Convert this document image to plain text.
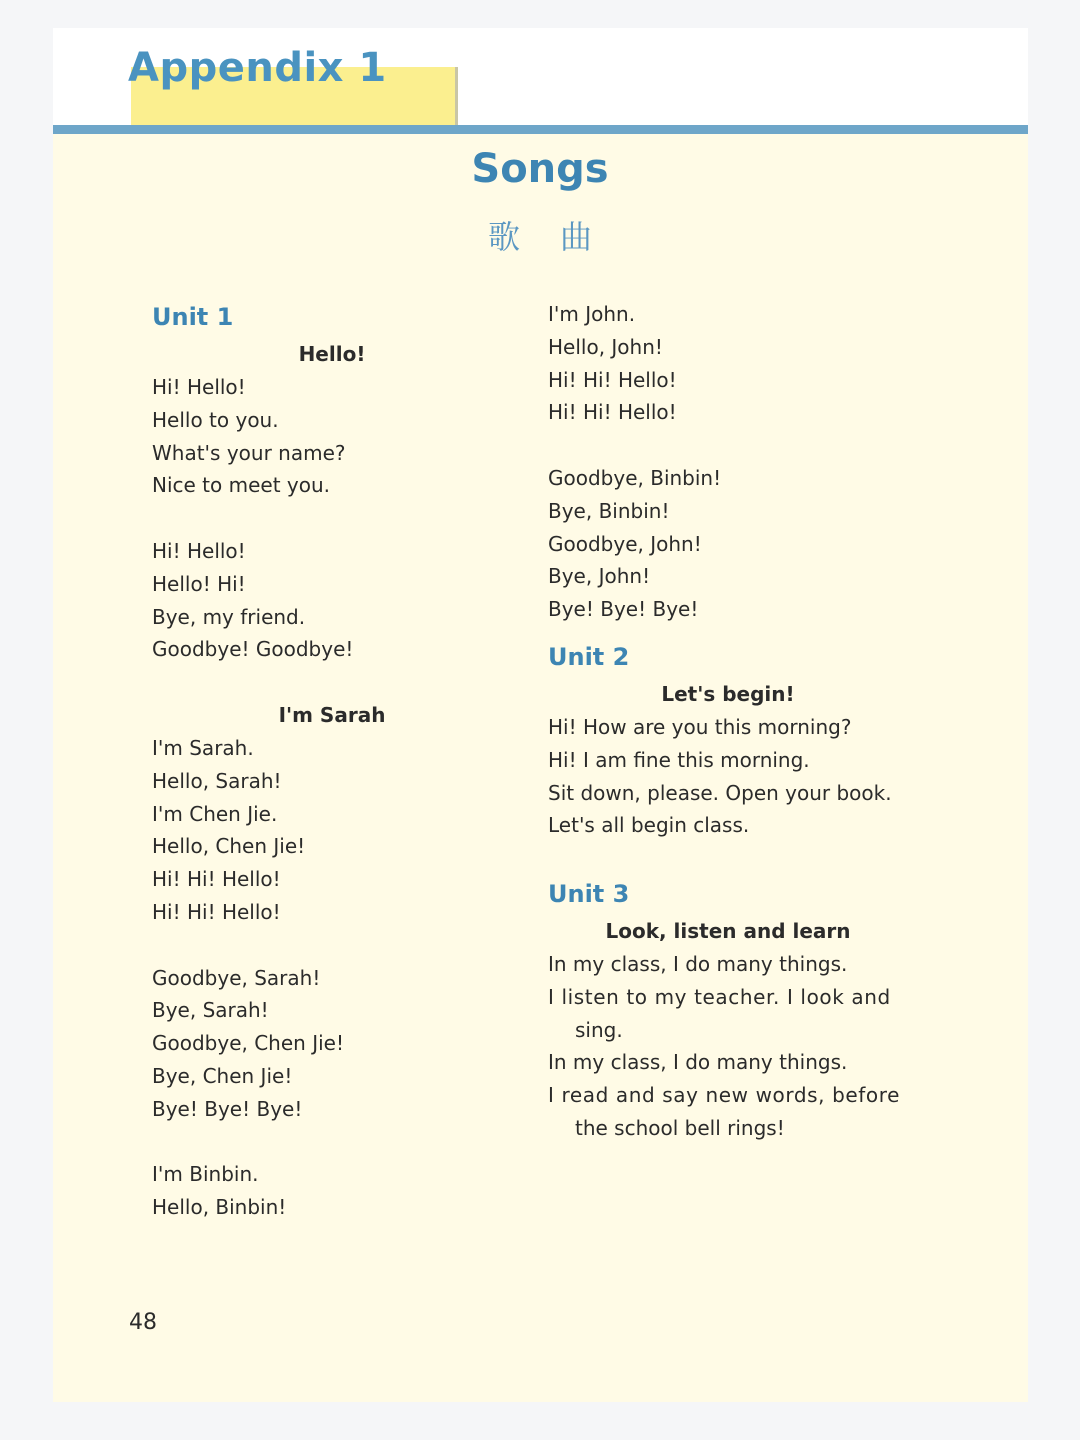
Appendix 1
Songs
歌曲
Unit 1
Hello!
Hi! Hello!
Hello to you.
What's your name?
Nice to meet you.
Hi! Hello!
Hello! Hi!
Bye, my friend.
Goodbye! Goodbye!
I'm Sarah
I'm Sarah.
Hello, Sarah!
I'm Chen Jie.
Hello, Chen Jie!
Hi! Hi! Hello!
Hi! Hi! Hello!
Goodbye, Sarah!
Bye, Sarah!
Goodbye, Chen Jie!
Bye, Chen Jie!
Bye! Bye! Bye!
I'm Binbin.
Hello, Binbin!
I'm John.
Hello, John!
Hi! Hi! Hello!
Hi! Hi! Hello!
Goodbye, Binbin!
Bye, Binbin!
Goodbye, John!
Bye, John!
Bye! Bye! Bye!
Unit 2
Let's begin!
Hi! How are you this morning?
Hi! I am fine this morning.
Sit down, please. Open your book.
Let's all begin class.
Unit 3
Look, listen and learn
In my class, I do many things.
I listen to my teacher. I look and
sing.
In my class, I do many things.
I read and say new words, before
the school bell rings!
48
